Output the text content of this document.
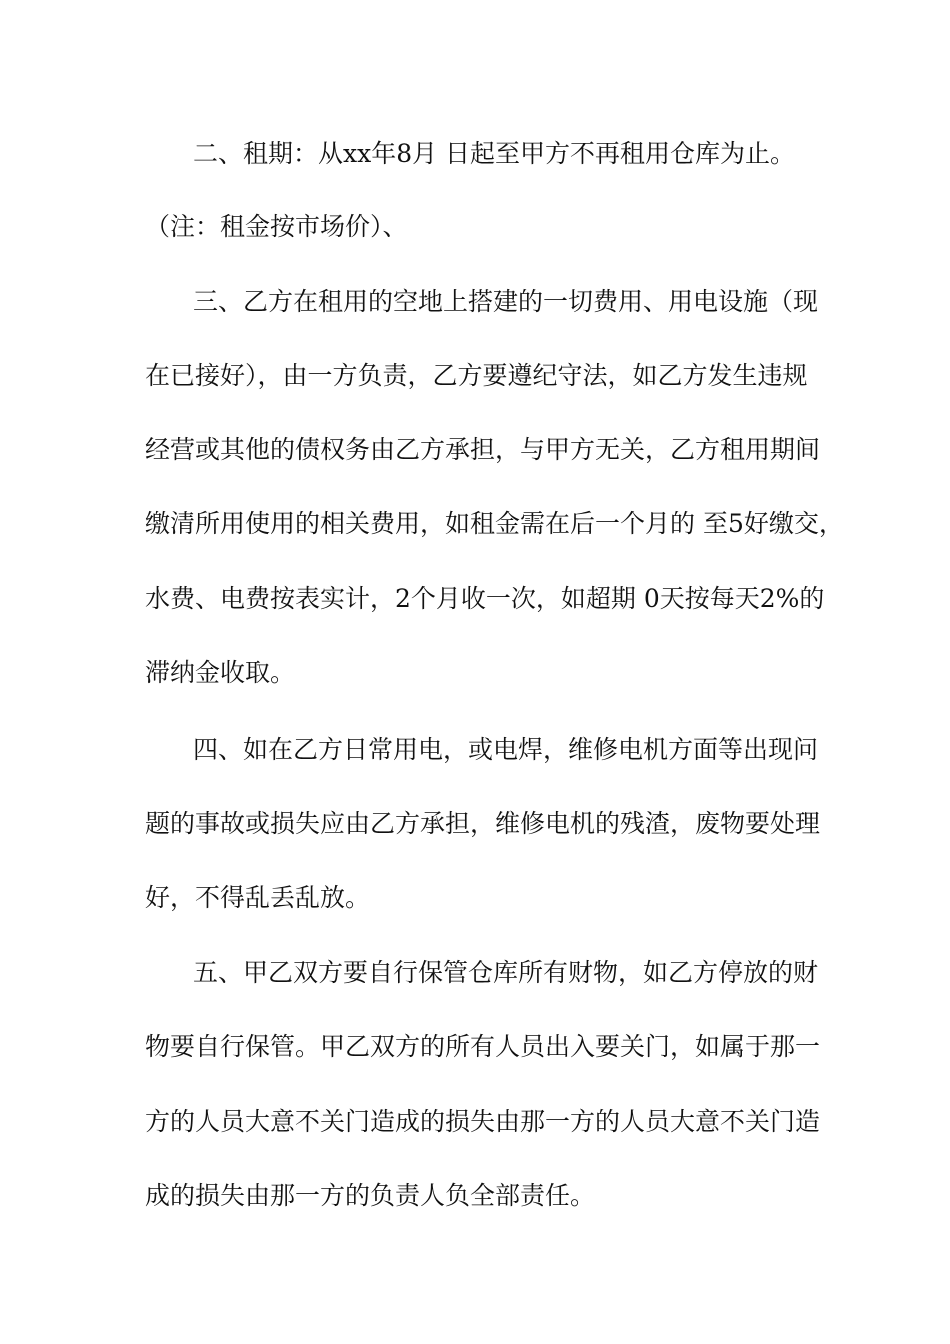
二、租期：从xx年8月 日起至甲方不再租用仓库为止。
（注：租金按市场价）、
三、乙方在租用的空地上搭建的一切费用、用电设施（现
在已接好），由一方负责，乙方要遵纪守法，如乙方发生违规
经营或其他的债权务由乙方承担，与甲方无关，乙方租用期间
缴清所用使用的相关费用，如租金需在后一个月的 至5好缴交，
水费、电费按表实计，2个月收一次，如超期 0天按每天2%的
滞纳金收取。
四、如在乙方日常用电，或电焊，维修电机方面等出现问
题的事故或损失应由乙方承担，维修电机的残渣，废物要处理
好，不得乱丢乱放。
五、甲乙双方要自行保管仓库所有财物，如乙方停放的财
物要自行保管。甲乙双方的所有人员出入要关门，如属于那一
方的人员大意不关门造成的损失由那一方的人员大意不关门造
成的损失由那一方的负责人负全部责任。
